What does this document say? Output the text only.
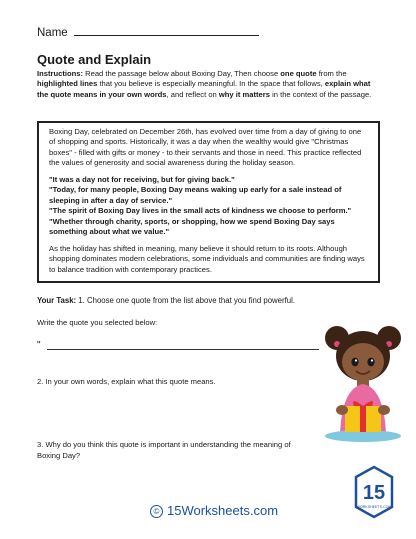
Name
Quote and Explain
Instructions: Read the passage below about Boxing Day, Then choose one quote from the highlighted lines that you believe is especially meaningful. In the space that follows, explain what the quote means in your own words, and reflect on why it matters in the context of the passage.

Boxing Day, celebrated on December 26th, has evolved over time from a day of giving to one of shopping and sports. Historically, it was a day when the wealthy would give "Christmas boxes" - filled with gifts or money - to their servants and those in need. This practice reflected the values of generosity and social awareness during the holiday season.

"It was a day not for receiving, but for giving back."
"Today, for many people, Boxing Day means waking up early for a sale instead of sleeping in after a day of service."
"The spirit of Boxing Day lives in the small acts of kindness we choose to perform."
"Whether through charity, sports, or shopping, how we spend Boxing Day says something about what we value."

As the holiday has shifted in meaning, many believe it should return to its roots. Although shopping dominates modern celebrations, some individuals and communities are finding ways to balance tradition with contemporary practices.

Your Task: 1. Choose one quote from the list above that you find powerful.
Write the quote you selected below:
"
2. In your own words, explain what this quote means.
3. Why do you think this quote is important in understanding the meaning of Boxing Day?
15
WORKSHEETS.COM
© 15Worksheets.com
